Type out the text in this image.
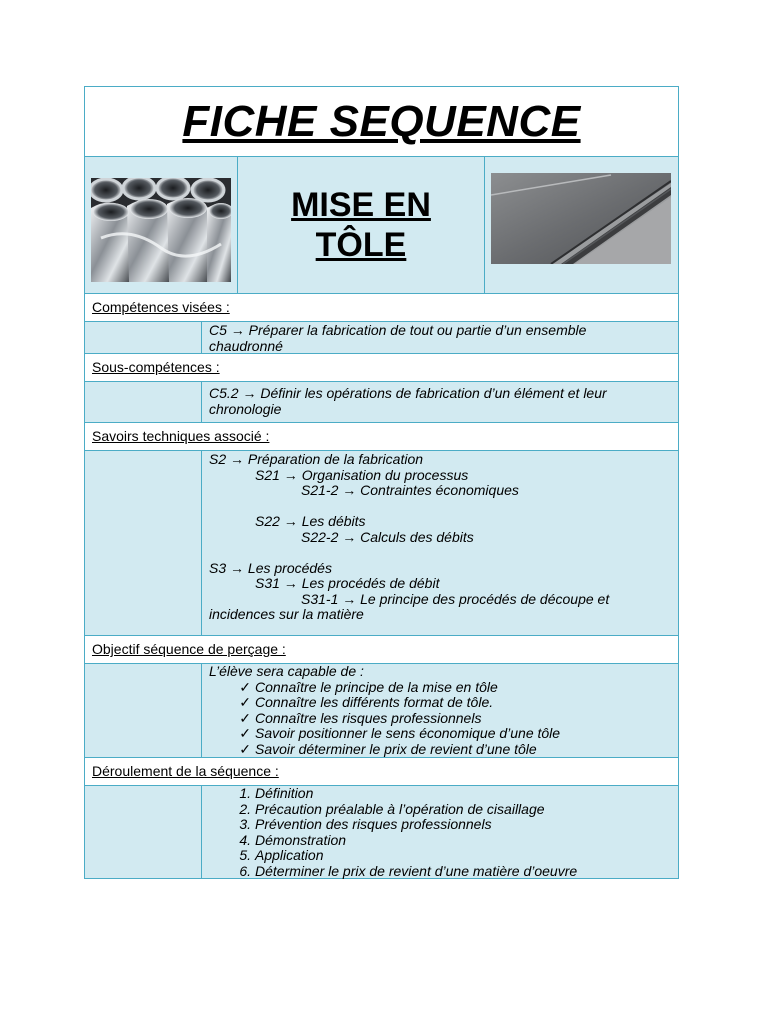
FICHE SEQUENCE
MISE EN
TÔLE
Compétences visées :
C5 → Préparer la fabrication de tout ou partie d’un ensemble
chaudronné
Sous-compétences :
C5.2 → Définir les opérations de fabrication d’un élément et leur
chronologie
Savoirs techniques associé :
S2 → Préparation de la fabrication
S21 → Organisation du processus
S21-2 → Contraintes économiques
S22 → Les débits
S22-2 → Calculs des débits
S3 → Les procédés
S31 → Les procédés de débit
S31-1 → Le principe des procédés de découpe et
incidences sur la matière
Objectif séquence de perçage :
L’élève sera capable de :
✓ Connaître le principe de la mise en tôle
✓ Connaître les différents format de tôle.
✓ Connaître les risques professionnels
✓ Savoir positionner le sens économique d’une tôle
✓ Savoir déterminer le prix de revient d’une tôle
Déroulement de la séquence :
1. Définition
2. Précaution préalable à l’opération de cisaillage
3. Prévention des risques professionnels
4. Démonstration
5. Application
6. Déterminer le prix de revient d’une matière d’oeuvre
